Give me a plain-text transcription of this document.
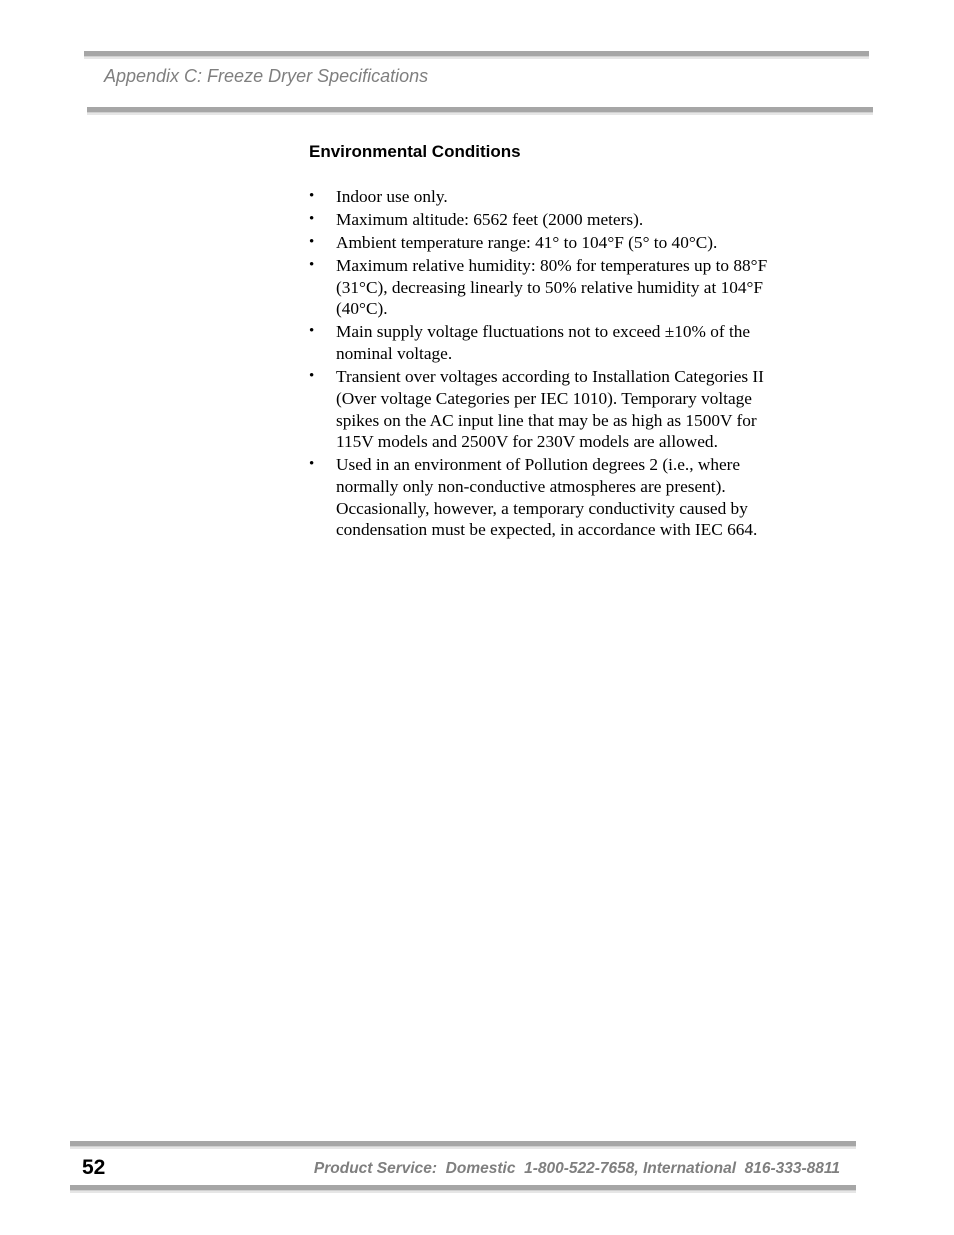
Appendix C: Freeze Dryer Specifications
Environmental Conditions
• Indoor use only.
• Maximum altitude: 6562 feet (2000 meters).
• Ambient temperature range: 41° to 104°F (5° to 40°C).
• Maximum relative humidity: 80% for temperatures up to 88°F (31°C), decreasing linearly to 50% relative humidity at 104°F (40°C).
• Main supply voltage fluctuations not to exceed ±10% of the nominal voltage.
• Transient over voltages according to Installation Categories II (Over voltage Categories per IEC 1010). Temporary voltage spikes on the AC input line that may be as high as 1500V for 115V models and 2500V for 230V models are allowed.
• Used in an environment of Pollution degrees 2 (i.e., where normally only non-conductive atmospheres are present). Occasionally, however, a temporary conductivity caused by condensation must be expected, in accordance with IEC 664.
52	Product Service:  Domestic  1-800-522-7658, International  816-333-8811
